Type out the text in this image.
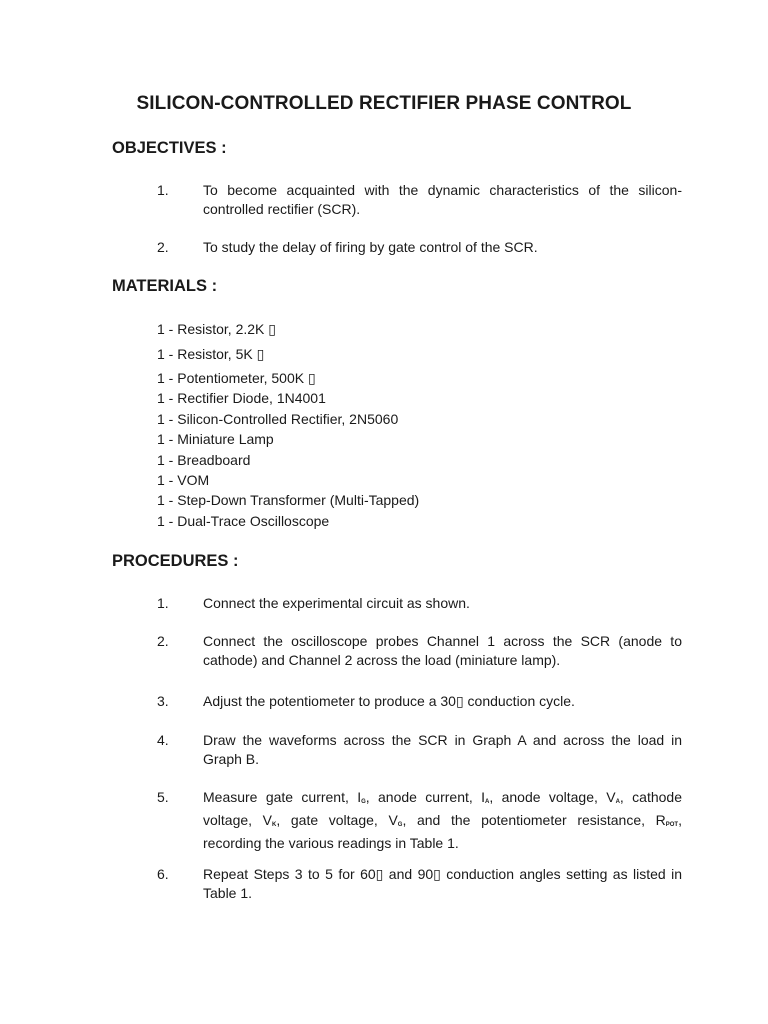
SILICON-CONTROLLED RECTIFIER PHASE CONTROL
OBJECTIVES :
1. To become acquainted with the dynamic characteristics of the silicon-controlled rectifier (SCR).
2. To study the delay of firing by gate control of the SCR.
MATERIALS :
1 - Resistor, 2.2K ▯
1 - Resistor, 5K ▯
1 - Potentiometer, 500K ▯
1 - Rectifier Diode, 1N4001
1 - Silicon-Controlled Rectifier, 2N5060
1 - Miniature Lamp
1 - Breadboard
1 - VOM
1 - Step-Down Transformer (Multi-Tapped)
1 - Dual-Trace Oscilloscope
PROCEDURES :
1. Connect the experimental circuit as shown.
2. Connect the oscilloscope probes Channel 1 across the SCR (anode to cathode) and Channel 2 across the load (miniature lamp).
3. Adjust the potentiometer to produce a 30▯ conduction cycle.
4. Draw the waveforms across the SCR in Graph A and across the load in Graph B.
5. Measure gate current, $I_G$, anode current, $I_A$, anode voltage, $V_A$, cathode voltage, $V_K$, gate voltage, $V_G$, and the potentiometer resistance, $R_{POT}$, recording the various readings in Table 1.
6. Repeat Steps 3 to 5 for 60▯ and 90▯ conduction angles setting as listed in Table 1.
